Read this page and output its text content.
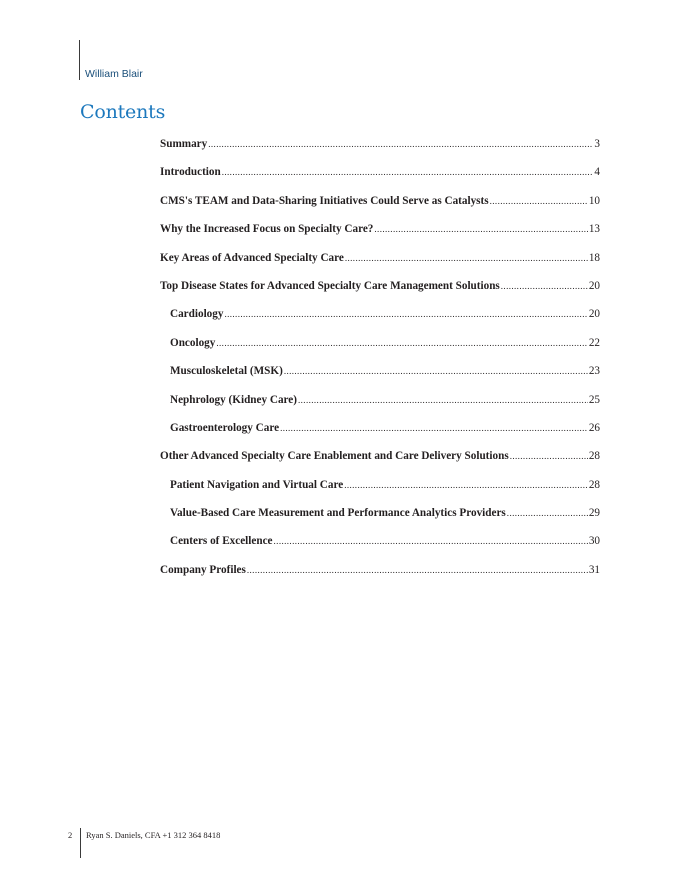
William Blair
Contents
Summary .....	3
Introduction .....	4
CMS's TEAM and Data-Sharing Initiatives Could Serve as Catalysts .....	10
Why the Increased Focus on Specialty Care? .....	13
Key Areas of Advanced Specialty Care .....	18
Top Disease States for Advanced Specialty Care Management Solutions .....	20
Cardiology .....	20
Oncology .....	22
Musculoskeletal (MSK) .....	23
Nephrology (Kidney Care) .....	25
Gastroenterology Care .....	26
Other Advanced Specialty Care Enablement and Care Delivery Solutions .....	28
Patient Navigation and Virtual Care .....	28
Value-Based Care Measurement and Performance Analytics Providers .....	29
Centers of Excellence .....	30
Company Profiles .....	31
2 Ryan S. Daniels, CFA +1 312 364 8418
